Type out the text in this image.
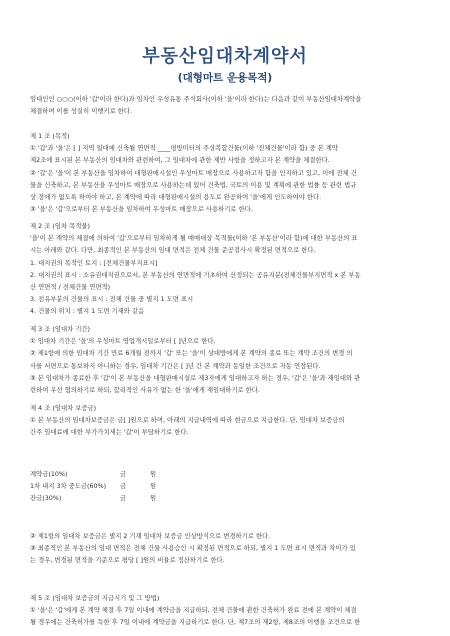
부동산임대차계약서
(대형마트 운용목적)
임대인인 ○○○(이하 '갑'이라 한다)과 임차인 우성유통 주식회사(이하 '을'이라 한다)는 다음과 같이 부동산임대차계약을
체결하며 이를 성실히 이행키로 한다.
제 1 조 (목적)
① '갑'과 '을'은 [ ] 지역 일대에 신축될 연면적 ____평방미터의 주상복합건물(이하 '전체건물'이라 함) 중 본 계약
제2조에 표시된 본 부동산의 임대차와 관련하여, 그 임대차에 관한 제반 사항을 정하고자 본 계약을 체결한다.
② '갑'은 '을'이 본 부동산을 임차하여 대형판매시설인 우성마트 매장으로 사용하고자 함을 인지하고 있고, 이에 전체 건
물을 신축하고, 본 부동산을 우성마트 매장으로 사용하는데 있어 건축법, 국토의 이용 및 계획에 관한 법률 등 관련 법규
상 장애가 없도록 하여야 하고, 본 계약에 따라 대형판매시설의 용도로 완공하여 '을'에게 인도하여야 한다.
③ '을'은 '갑'으로부터 본 부동산을 임차하여 우성마트 매장으로 사용하기로 한다.
제 2 조 (임차 목적물)
'을'이 본 계약의 체결에 의하여 '갑'으로부터 임차하게 될 매매대상 목적물(이하 '본 부동산'이라 함)에 대한 부동산의 표
시는 아래와 같다. 다만, 최종적인 본 부동산의 임대 면적은 전체 건물 준공검사시 확정된 면적으로 한다.
1. 대지권의 목적인 토지 : [전체건물부지표시]
2. 대지권의 표시 : 소유권대지권으로서, 본 부동산의 연면적에 기초하여 산정되는 공유지분(전체건물부지면적 x 본 부동
산 연면적 / 전체건물 연면적)
3. 전유부분의 건물의 표시 : 전체 건물 중 별지 1 도면 표시
4. 건물의 위치 : 별지 1 도면 기재와 같음
제 3 조 (임대차 기간)
① 임대차 기간은 '을'의 우성마트 영업개시일로부터 [ ]년으로 한다.
② 제1항에 의한 임대차 기간 만료 6개월 전까지 '갑' 또는 '을'이 상대방에게 본 계약의 종료 또는 계약 조건의 변경 의
사를 서면으로 통보하지 아니하는 경우, 임대차 기간은 [ ]년 간 본 계약과 동일한 조건으로 자동 연장된다.
③ 본 임대차가 종료한 후 '갑'이 본 부동산을 대형판매시설로 제3자에게 임대하고자 하는 경우, '갑'은 '을'과 재임대와 관
련하여 우선 협의하기로 하되, 합리적인 사유가 없는 한 '을'에게 재임대하기로 한다.
제 4 조 (임대차 보증금)
① 본 부동산의 임대차보증금은 금[ ]원으로 하며, 아래의 지급내역에 따라 현금으로 지급한다. 단, 임대차 보증금의
간주 임대료에 대한 부가가치세는 '갑'이 부담하기로 한다.
계약금(10%)	금	원
1차 내지 3차 중도금(60%)	금	원
잔금(30%)	금	원
② 제1항의 임대차 보증금은 별지 2 기재 임대차 보증금 인상방식으로 변경하기로 한다.
③ 최종적인 본 부동산의 임대 면적은 전체 건물 사용승인 시 확정된 면적으로 하되, 별지 1 도면 표시 면적과 차이가 있
는 경우, 변경된 면적을 기준으로 평당 [ ]원의 비율로 정산하기로 한다.
제 5 조 (임대차 보증금의 지급시기 및 그 방법)
① '을'은 '갑'에게 본 계약 체결 후 7일 이내에 계약금을 지급하되, 전체 건물에 관한 건축허가 완료 전에 본 계약이 체결
될 경우에는 건축허가를 득한 후 7일 이내에 계약금을 지급하기로 한다. 단, 제7조의 제2항, 제8조의 이행을 조건으로 한
